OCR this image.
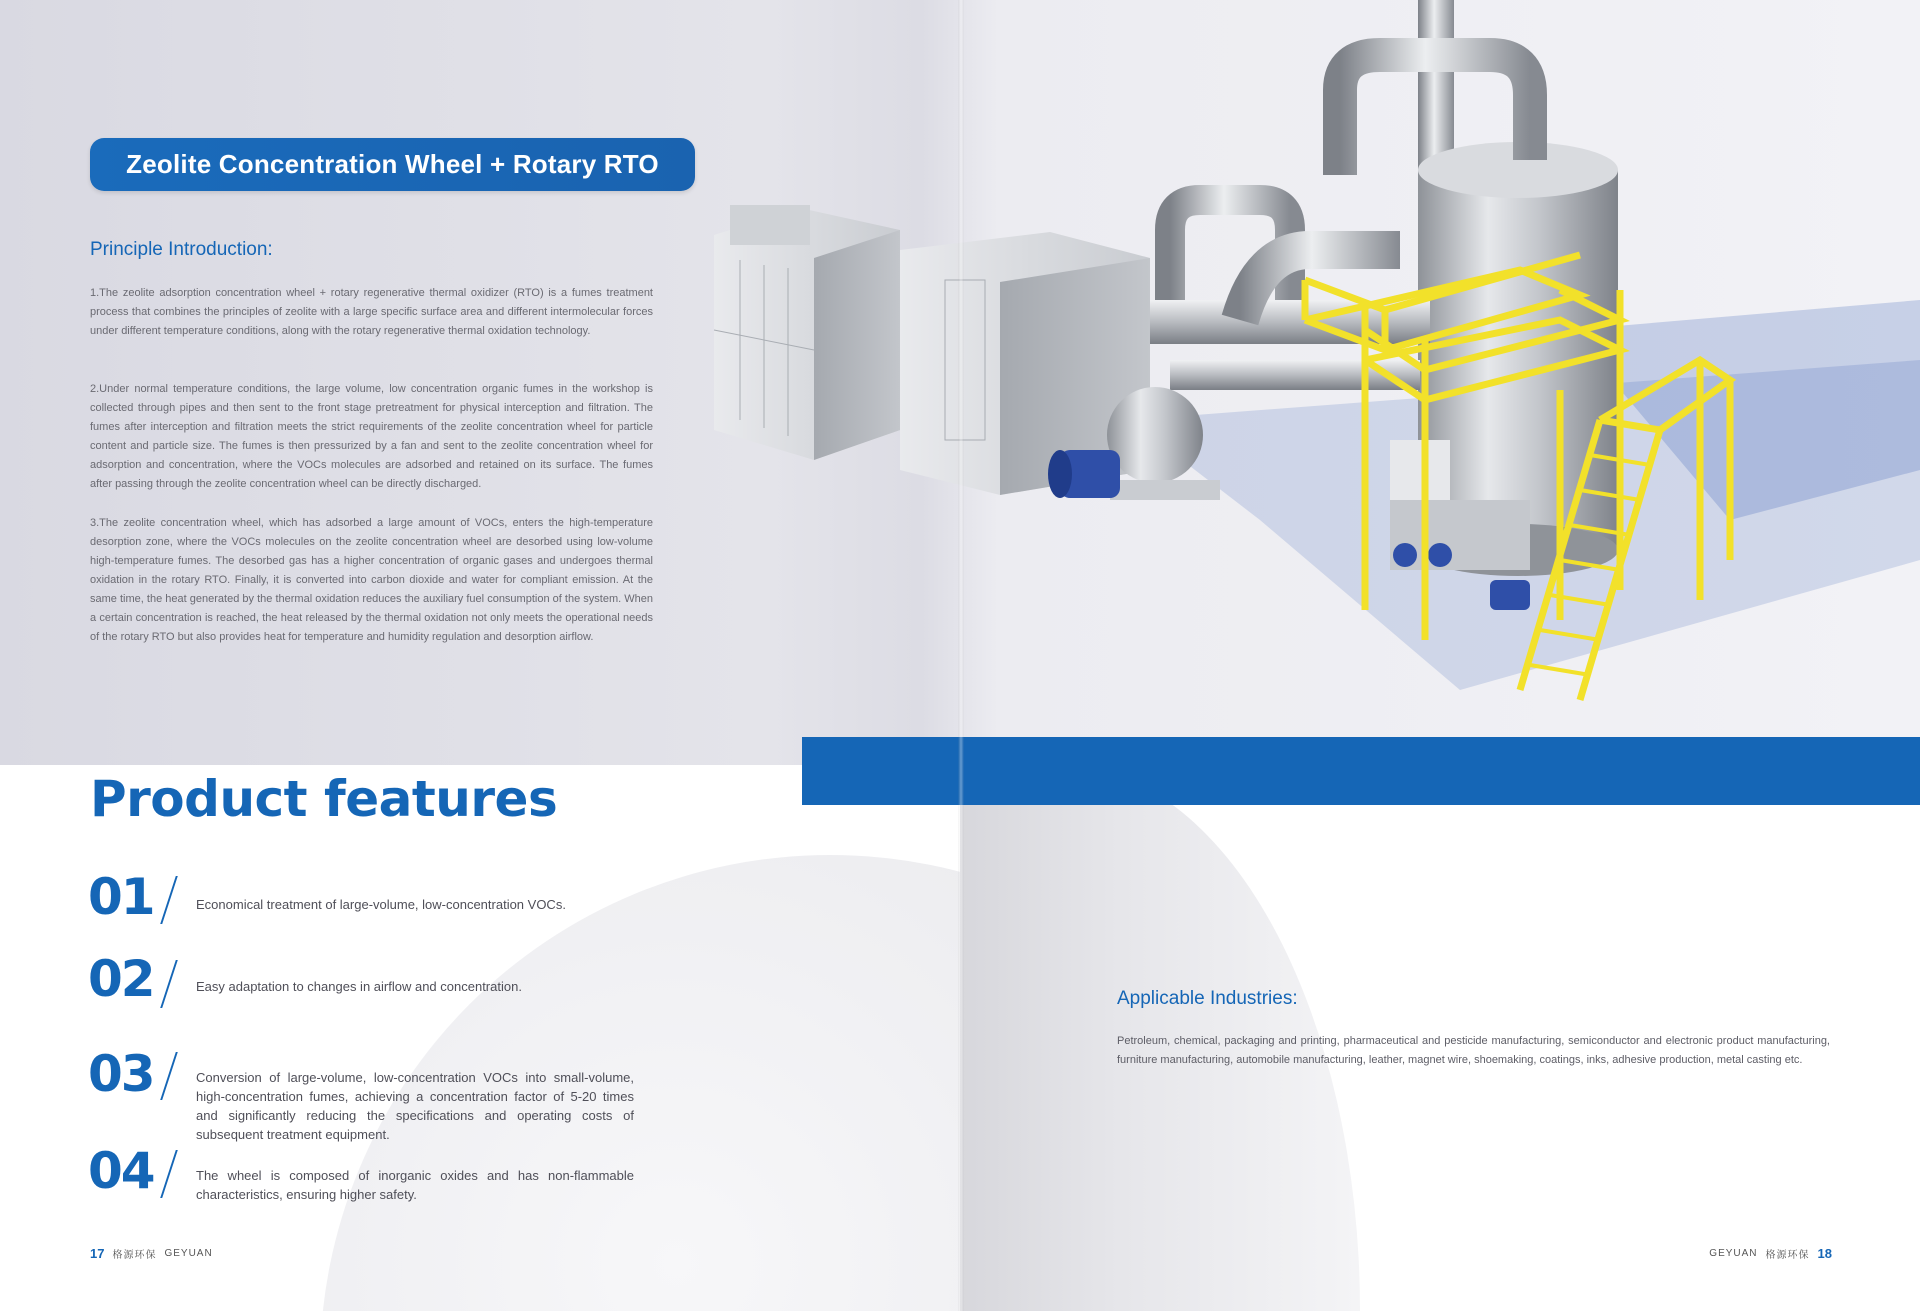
Zeolite Concentration Wheel + Rotary RTO
Principle Introduction:

1.The zeolite adsorption concentration wheel + rotary regenerative thermal oxidizer (RTO) is a fumes treatment process that combines the principles of zeolite with a large specific surface area and different intermolecular forces under different temperature conditions, along with the rotary regenerative thermal oxidation technology.

2.Under normal temperature conditions, the large volume, low concentration organic fumes in the workshop is collected through pipes and then sent to the front stage pretreatment for physical interception and filtration. The fumes after interception and filtration meets the strict requirements of the zeolite concentration wheel for particle content and particle size. The fumes is then pressurized by a fan and sent to the zeolite concentration wheel for adsorption and concentration, where the VOCs molecules are adsorbed and retained on its surface. The fumes after passing through the zeolite concentration wheel can be directly discharged.

3.The zeolite concentration wheel, which has adsorbed a large amount of VOCs, enters the high-temperature desorption zone, where the VOCs molecules on the zeolite concentration wheel are desorbed using low-volume high-temperature fumes. The desorbed gas has a higher concentration of organic gases and undergoes thermal oxidation in the rotary RTO. Finally, it is converted into carbon dioxide and water for compliant emission. At the same time, the heat generated by the thermal oxidation reduces the auxiliary fuel consumption of the system. When a certain concentration is reached, the heat released by the thermal oxidation not only meets the operational needs of the rotary RTO but also provides heat for temperature and humidity regulation and desorption airflow.

Product features
01	Economical treatment of large-volume, low-concentration VOCs.

02	Easy adaptation to changes in airflow and concentration.

03	Conversion of large-volume, low-concentration VOCs into small-volume, high-concentration fumes, achieving a concentration factor of 5-20 times and significantly reducing the specifications and operating costs of subsequent treatment equipment.

04	The wheel is composed of inorganic oxides and has non-flammable characteristics, ensuring higher safety.

Applicable Industries:

Petroleum, chemical, packaging and printing, pharmaceutical and pesticide manufacturing, semiconductor and electronic product manufacturing, furniture manufacturing, automobile manufacturing, leather, magnet wire, shoemaking, coatings, inks, adhesive production, metal casting etc.

17 格源环保 GEYUAN	GEYUAN 格源环保 18
